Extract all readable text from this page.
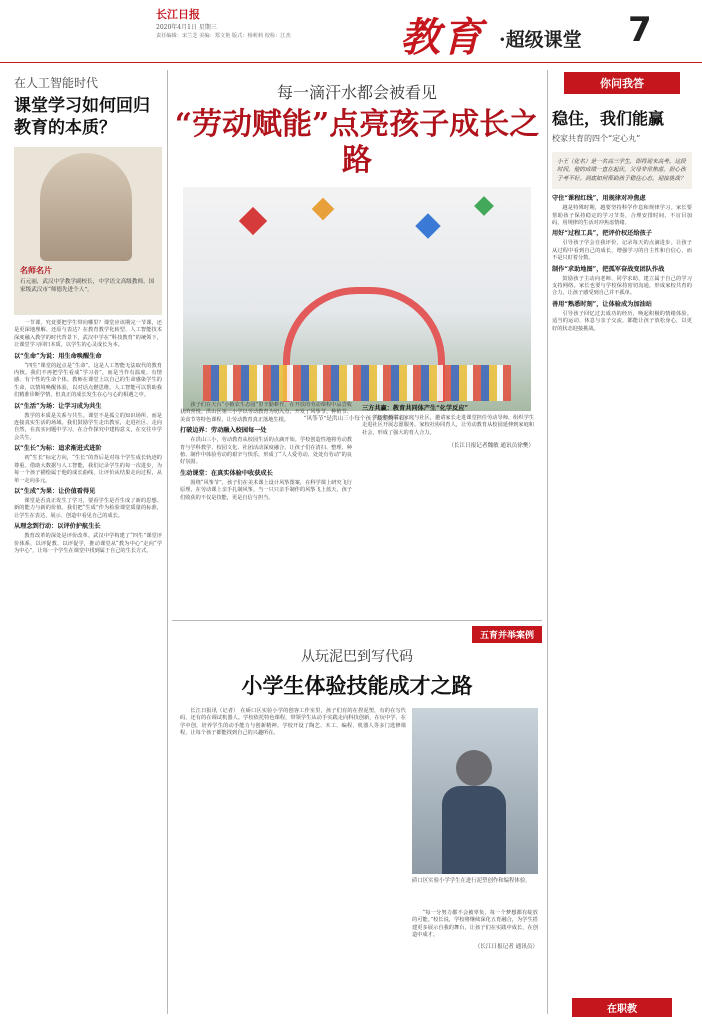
长江日报
2020年4月1日 星期三
责任编辑：宋兰芝 美编：郑文艳 版式：杨莉莉 校检：江杰	教育 ·超级课堂 7
在人工智能时代
课堂学习如何回归教育的本质？
名师名片
石元丽，武汉中学教学副校长，中学语文高级教师，国家级武汉市“师德先进个人”。

一节课，究竟要把学生带向哪里？课堂应该期完一节课，还是更深地理解、还原与表达？在教育教学化转型、人工智能技术深度融入教学的时代背景下，武汉中学在“科技教育”的统领下，让课堂学习回归本质，以学生的心灵成长为本。

以“生命”为说：用生命唤醒生命

“四生”课堂的起点是“生命”。这是人工智能无法取代的教育内核。我们不再把学生看成“学习者”，而是当作有温度、有情感、有个性的生命个体。教师在课堂上以自己的生命感染学生的生命，以情境唤醒体验，以对话点燃思维。人工智能可以帮助我们精准诊断学情，但真正的成长发生在心与心的相遇之中。

以“生活”为场：让学习成为共生

教学的本质是关系与共生。课堂不是孤立的知识场所，而是连接真实生活的场域。我们鼓励学生走出教室，走进社区、走向自然，在真实问题中学习，在合作探究中建构意义，在交往中学会共生。

以“生长”为标：追求渐进式进阶

初“生长”标定方向，“生长”的背后是对每个学生成长轨迹的尊重。借助大数据与人工智能，我们记录学生的每一次进步，为每一个孩子描绘属于他的成长曲线，让评价从结果走向过程，从单一走向多元。

以“生成”为果：让价值看得见

课堂是否真正发生了学习，要看学生是否生成了新的思想、新的能力与新的价值。我们把“生成”作为检验课堂质量的标准，让学生在表达、展示、创造中看见自己的成长。

从理念到行动：以评价护航生长

教育改革的深处是评价改革。武汉中学构建了“四生”课堂评价体系，以评促教、以评促学，推动课堂从“教为中心”走向“学为中心”，让每一个学生在课堂中找到属于自己的生长方式。

每一滴汗水都会被看见
“劳动赋能”点亮孩子成长之路
“风筝节”是洪山三小每个孩子最爱的节日。

孩子们在天台“小植农生态园”里辛勤耕作，在开放的劳动课程中品尝收获的喜悦。洪山区第三小学以劳动教育为切入点，开发了风筝节、种植节、美食节等特色课程，让劳动教育真正落地生根。

打破边界：劳动融入校园每一处

在洪山三小，劳动教育从校园生活的点滴开始。学校创造性地将劳动教育与学科教学、校园文化、社团活动深度融合，让孩子们在清扫、整理、种植、制作中体验劳动的艰辛与快乐，形成了“人人爱劳动、处处有劳动”的良好氛围。

生动课堂：在真实体验中收获成长

围绕“风筝节”，孩子们在美术课上设计风筝图案，在科学课上研究飞行原理，在劳动课上亲手扎制风筝。当一只只亲手制作的风筝飞上蓝天，孩子们收获的不仅是技能，更是自信与担当。

三方共赢：教育共同体产生“化学反应”

学校积极联动家庭与社区，邀请家长走进课堂担任劳动导师，组织学生走进社区开展志愿服务。家校社协同育人，让劳动教育从校园延伸到家庭和社会，形成了强大的育人合力。

（长江日报记者魏敏 通讯员徐樊）
你问我答
稳住，我们能赢
校家共育的四个“定心丸”
小王（化名）是一名高三学生，即将迎来高考。这段时间，他的成绩一直在起伏，父母非常焦虑，担心孩子考不好。到底如何帮助孩子稳住心态，迎接挑战？
守住“课程红线”，用规律对冲焦虑

越是特殊时期，越要坚持科学作息和规律学习。家长要帮助孩子保持稳定的学习节奏，合理安排时间，不盲目加码，用规律的生活对冲焦虑情绪。

用好“过程工具”，把评价权还给孩子

引导孩子学会自我评价，记录每天的点滴进步。让孩子从过程中看到自己的成长，增强学习的自主性和自信心，而不是只盯着分数。

制作“求助地图”，把孤军奋战变团队作战

鼓励孩子主动向老师、同学求助，建立属于自己的学习支持网络。家长也要与学校保持密切沟通，形成家校共育的合力，让孩子感受到自己并不孤单。

善用“熟悉时刻”，让体验成为加油站

引导孩子回忆过去成功的经历，唤起积极的情绪体验。适当的运动、休息与亲子交流，都能让孩子放松身心，以更好的状态迎接挑战。

五育并举案例
从玩泥巴到写代码
小学生体验技能成才之路

长江日报讯（记者） 在硚口区实验小学的创客工作室里，孩子们有的在捏泥塑，有的在写代码，还有的在调试机器人。学校依托特色课程，带领学生从动手实践走向科技创新，在玩中学、在学中创，培养学生的动手能力与创新精神。学校开设了陶艺、木工、编程、机器人等多门选修课程，让每个孩子都能找到自己的兴趣所在。

硚口区实验小学学生在进行泥塑创作和编程体验。

“每一分努力都不会被辜负，每一个梦想都有绽放的可能。”校长说，学校将继续深化五育融合，为学生搭建更多展示自我的舞台，让孩子们在实践中成长，在创造中成才。

（长江日报记者 通讯员）
在职教
